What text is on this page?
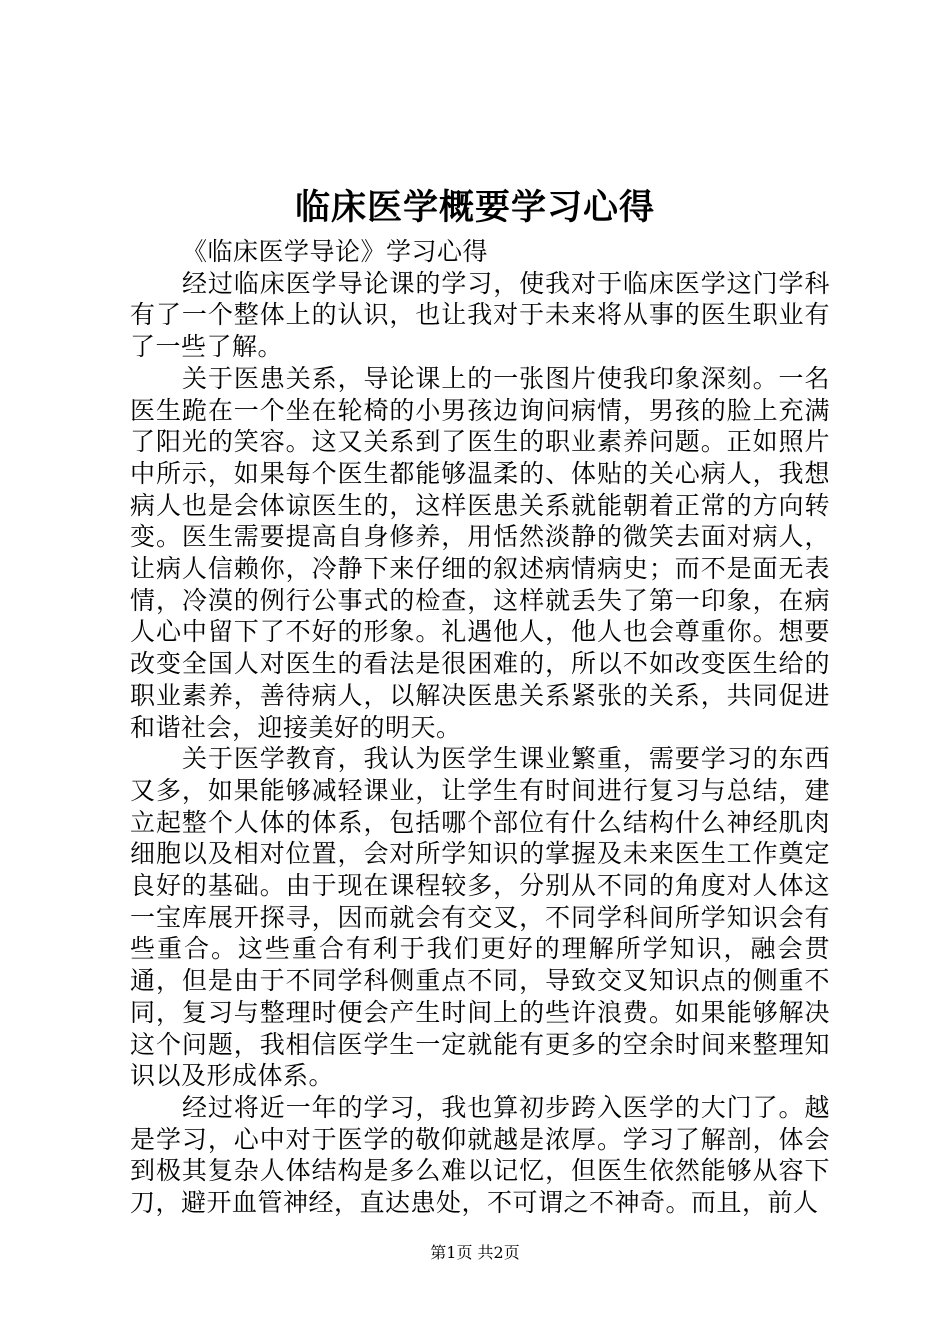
临床医学概要学习心得

《临床医学导论》学习心得

经过临床医学导论课的学习，使我对于临床医学这门学科有了一个整体上的认识，也让我对于未来将从事的医生职业有了一些了解。

关于医患关系，导论课上的一张图片使我印象深刻。一名医生跪在一个坐在轮椅的小男孩边询问病情，男孩的脸上充满了阳光的笑容。这又关系到了医生的职业素养问题。正如照片中所示，如果每个医生都能够温柔的、体贴的关心病人，我想病人也是会体谅医生的，这样医患关系就能朝着正常的方向转变。医生需要提高自身修养，用恬然淡静的微笑去面对病人，让病人信赖你，冷静下来仔细的叙述病情病史；而不是面无表情，冷漠的例行公事式的检查，这样就丢失了第一印象，在病人心中留下了不好的形象。礼遇他人，他人也会尊重你。想要改变全国人对医生的看法是很困难的，所以不如改变医生给的职业素养，善待病人，以解决医患关系紧张的关系，共同促进和谐社会，迎接美好的明天。

关于医学教育，我认为医学生课业繁重，需要学习的东西又多，如果能够减轻课业，让学生有时间进行复习与总结，建立起整个人体的体系，包括哪个部位有什么结构什么神经肌肉细胞以及相对位置，会对所学知识的掌握及未来医生工作奠定良好的基础。由于现在课程较多，分别从不同的角度对人体这一宝库展开探寻，因而就会有交叉，不同学科间所学知识会有些重合。这些重合有利于我们更好的理解所学知识，融会贯通，但是由于不同学科侧重点不同，导致交叉知识点的侧重不同，复习与整理时便会产生时间上的些许浪费。如果能够解决这个问题，我相信医学生一定就能有更多的空余时间来整理知识以及形成体系。

经过将近一年的学习，我也算初步跨入医学的大门了。越是学习，心中对于医学的敬仰就越是浓厚。学习了解剖，体会到极其复杂人体结构是多么难以记忆，但医生依然能够从容下刀，避开血管神经，直达患处，不可谓之不神奇。而且，前人

第1页 共2页
